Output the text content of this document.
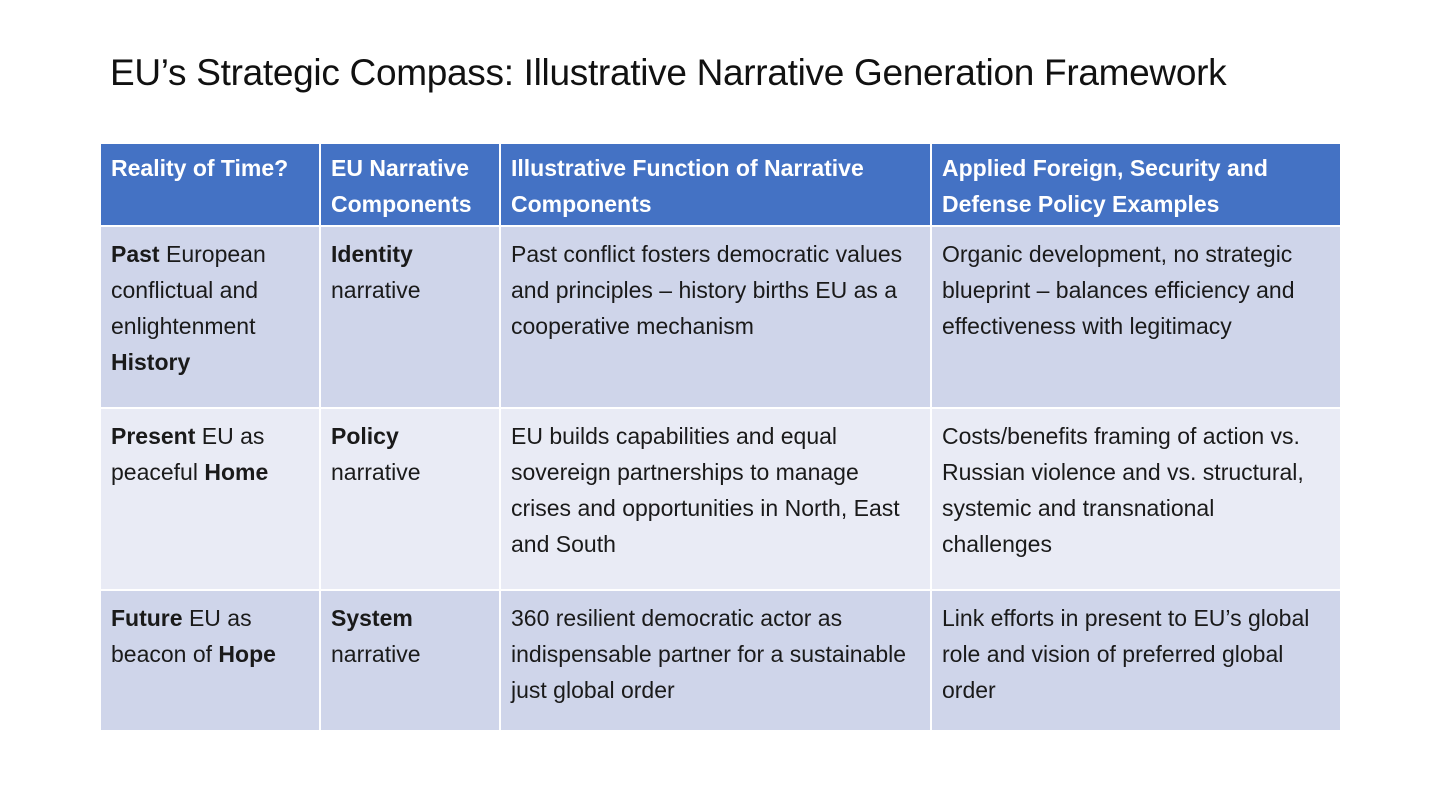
EU’s Strategic Compass: Illustrative Narrative Generation Framework
Reality of Time?	EU Narrative Components	Illustrative Function of Narrative Components	Applied Foreign, Security and Defense Policy Examples
Past European conflictual and enlightenment History	Identity narrative	Past conflict fosters democratic values and principles – history births EU as a cooperative mechanism	Organic development, no strategic blueprint – balances efficiency and effectiveness with legitimacy
Present EU as peaceful Home	Policy narrative	EU builds capabilities and equal sovereign partnerships to manage crises and opportunities in North, East and South	Costs/benefits framing of action vs. Russian violence and vs. structural, systemic and transnational challenges
Future EU as beacon of Hope	System narrative	360 resilient democratic actor as indispensable partner for a sustainable just global order	Link efforts in present to EU’s global role and vision of preferred global order
